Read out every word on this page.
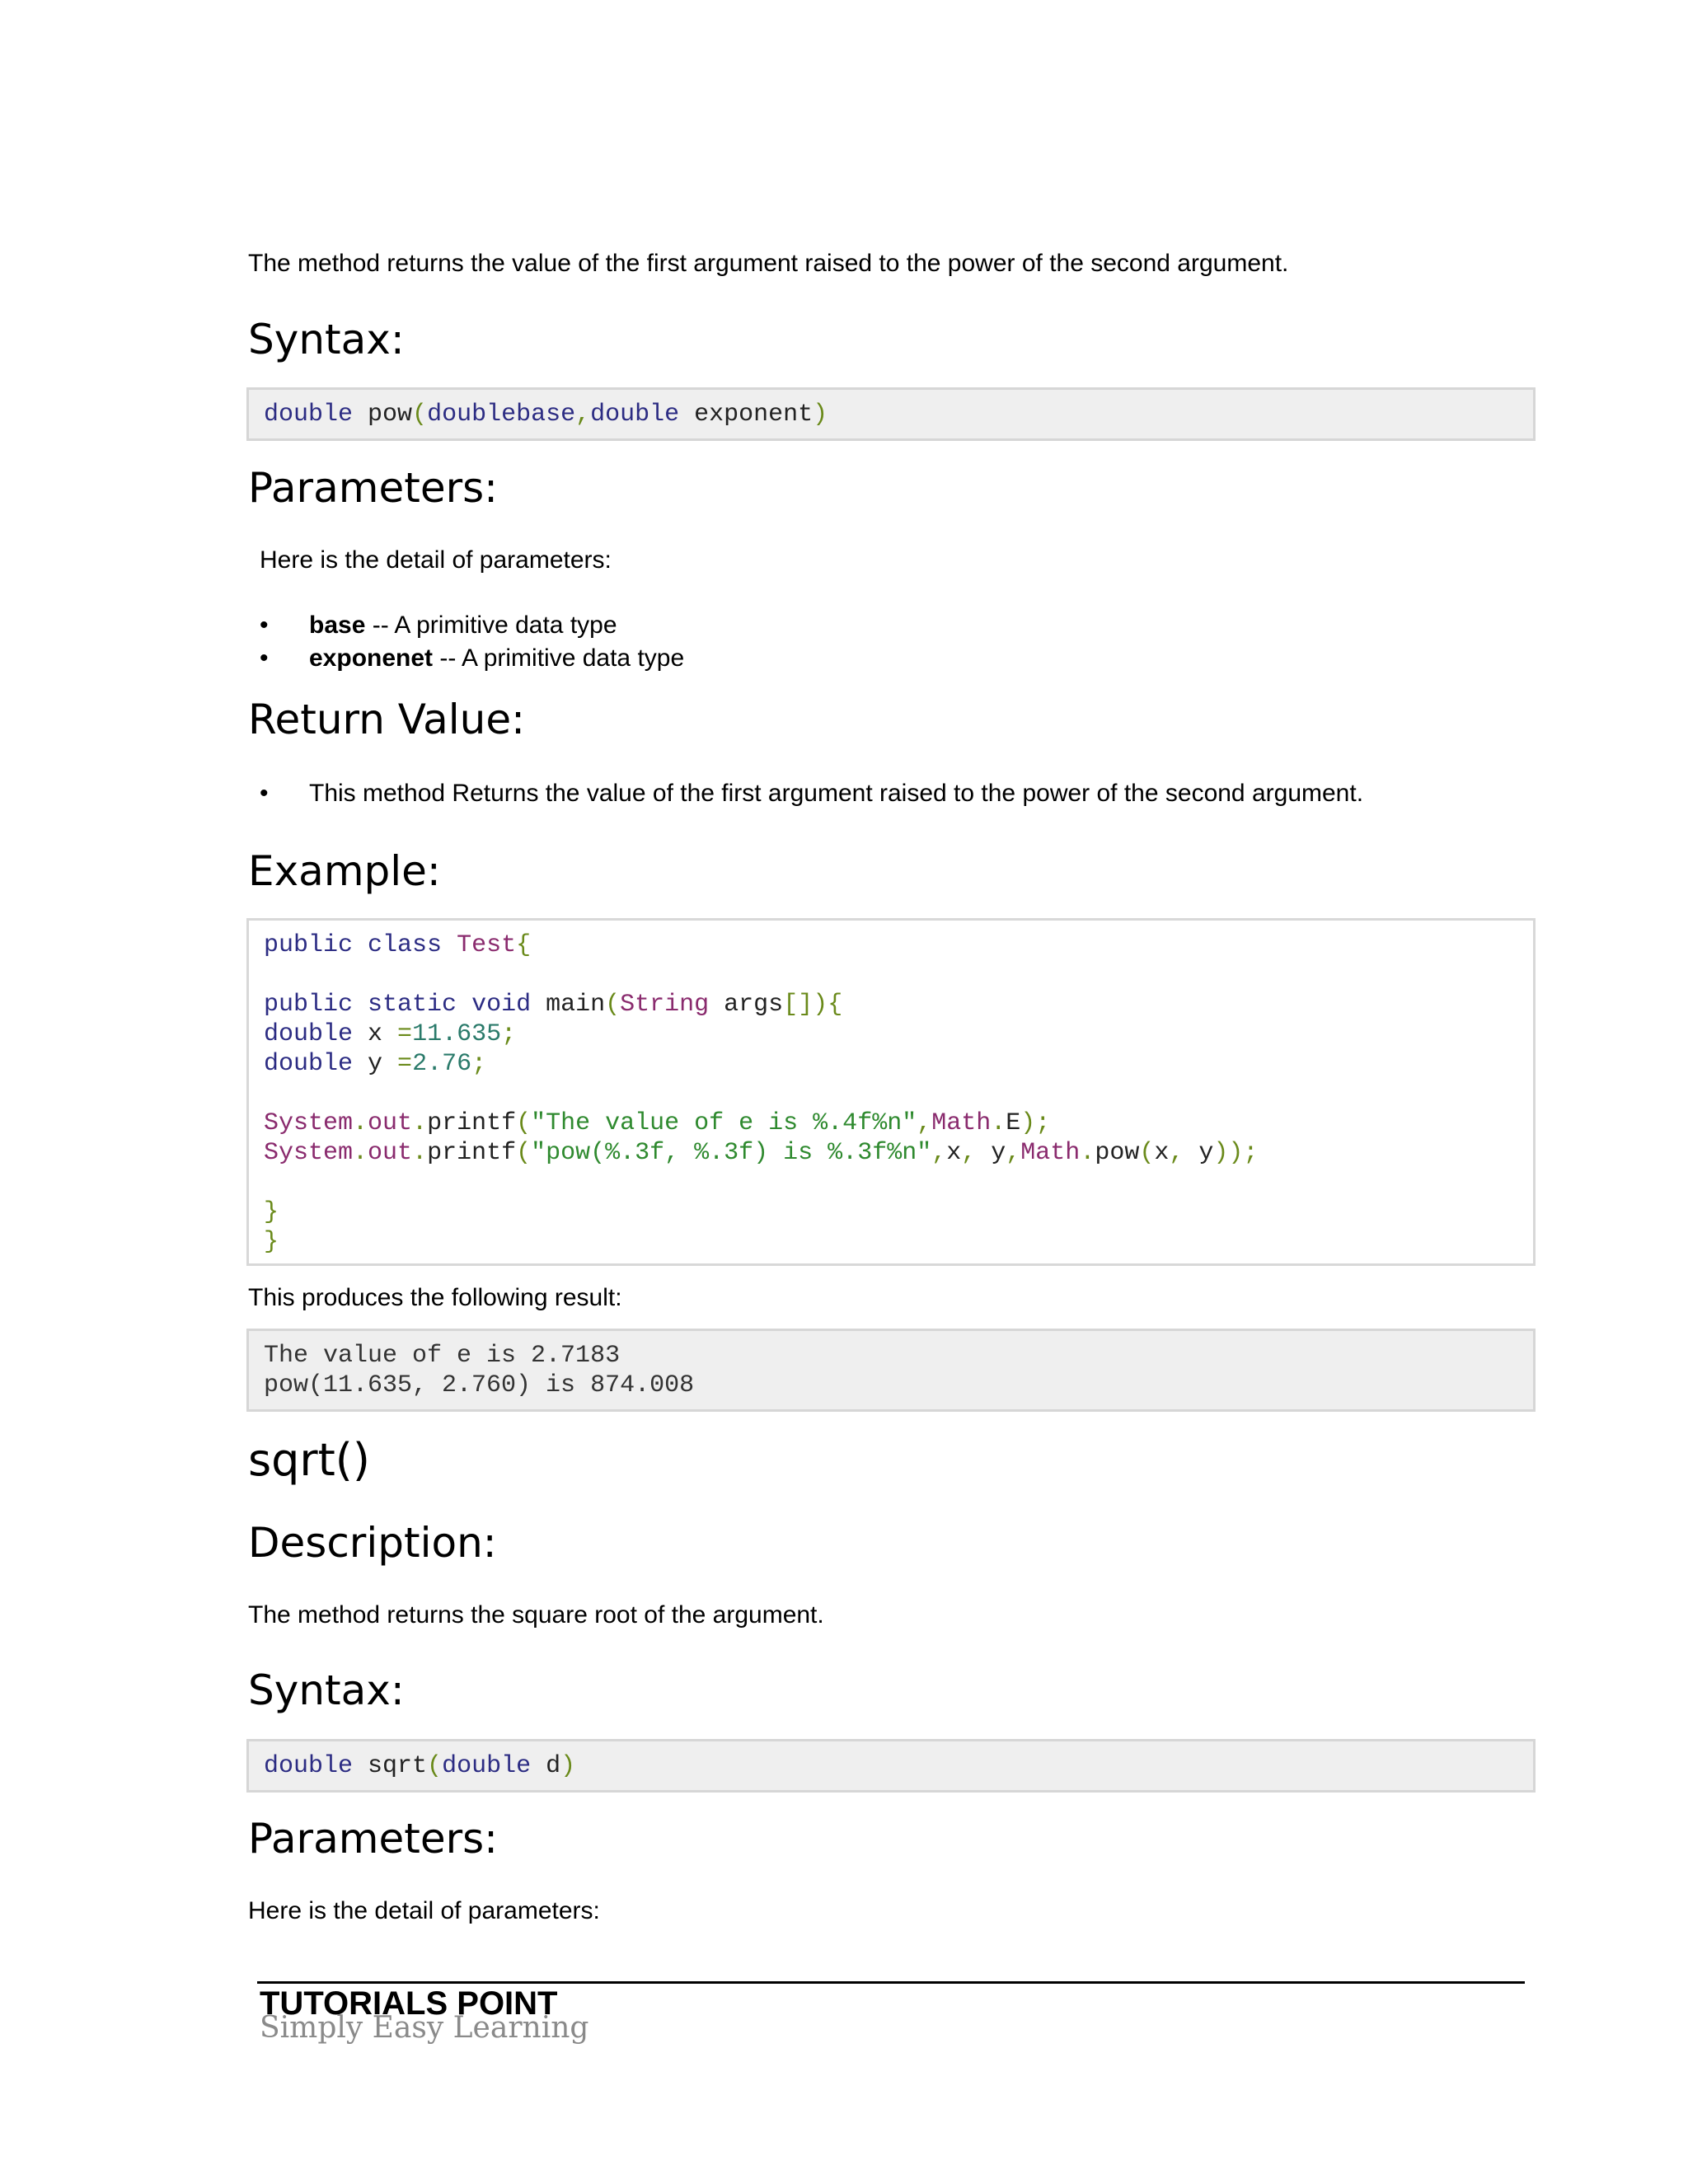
The method returns the value of the first argument raised to the power of the second argument.

Syntax:
double pow(doublebase,double exponent)
Parameters:

Here is the detail of parameters:

• base -- A primitive data type
• exponenet -- A primitive data type
Return Value:
• This method Returns the value of the first argument raised to the power of the second argument.
Example:
public class Test{
public static void main(String args[]){
double x =11.635;
double y =2.76;
System.out.printf("The value of e is %.4f%n",Math.E);
System.out.printf("pow(%.3f, %.3f) is %.3f%n",x, y,Math.pow(x, y));
}
}

This produces the following result:

The value of e is 2.7183
pow(11.635, 2.760) is 874.008
sqrt()
Description:

The method returns the square root of the argument.

Syntax:
double sqrt(double d)
Parameters:

Here is the detail of parameters:

TUTORIALS POINT
Simply Easy Learning
